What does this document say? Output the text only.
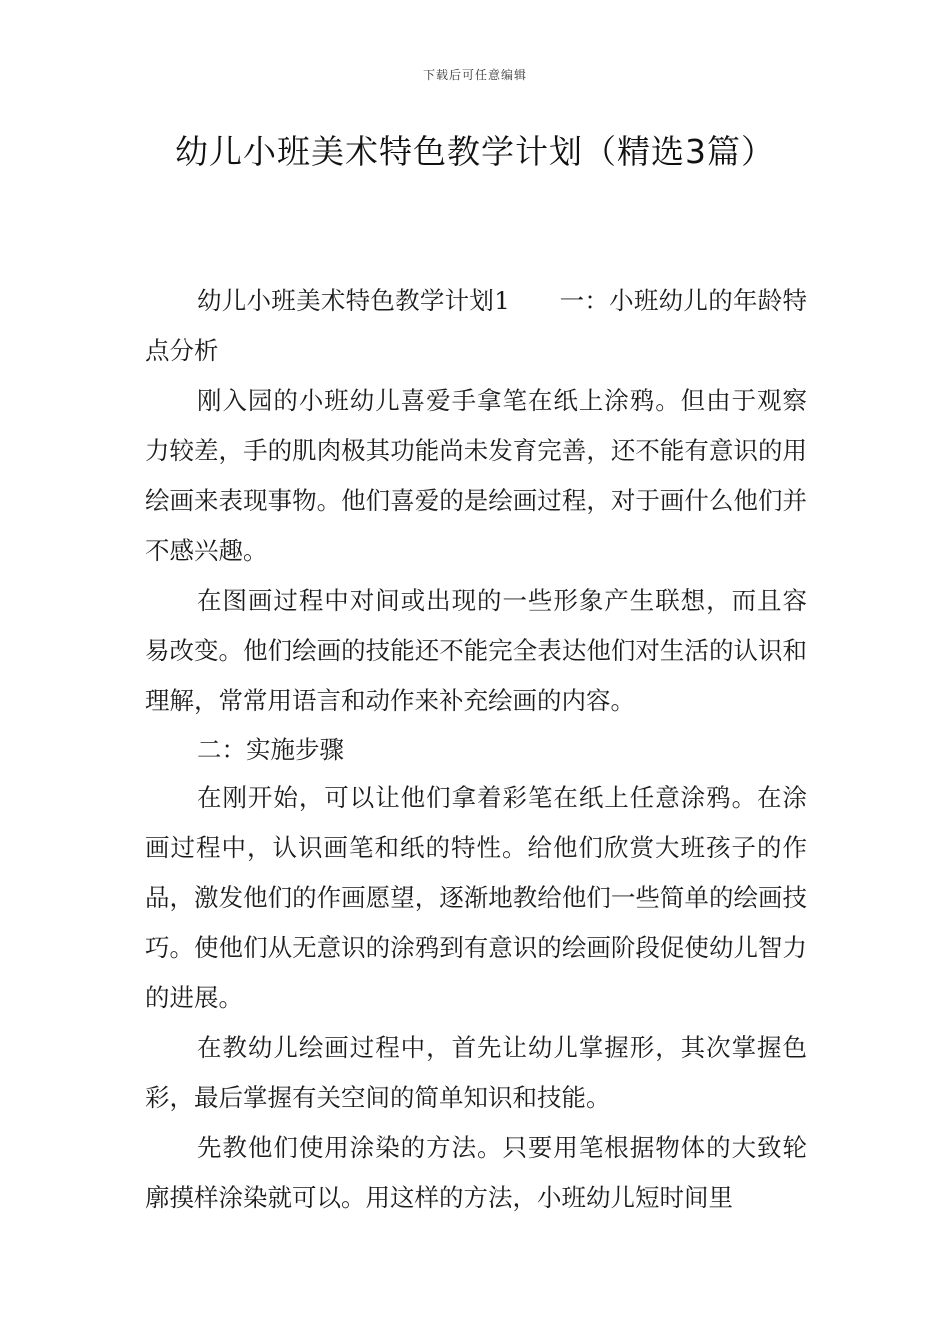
下载后可任意编辑
幼儿小班美术特色教学计划（精选3篇）

幼儿小班美术特色教学计划1　　一：小班幼儿的年龄特点分析

刚入园的小班幼儿喜爱手拿笔在纸上涂鸦。但由于观察力较差，手的肌肉极其功能尚未发育完善，还不能有意识的用绘画来表现事物。他们喜爱的是绘画过程，对于画什么他们并不感兴趣。

在图画过程中对间或出现的一些形象产生联想，而且容易改变。他们绘画的技能还不能完全表达他们对生活的认识和理解，常常用语言和动作来补充绘画的内容。

二：实施步骤

在刚开始，可以让他们拿着彩笔在纸上任意涂鸦。在涂画过程中，认识画笔和纸的特性。给他们欣赏大班孩子的作品，激发他们的作画愿望，逐渐地教给他们一些简单的绘画技巧。使他们从无意识的涂鸦到有意识的绘画阶段促使幼儿智力的进展。

在教幼儿绘画过程中，首先让幼儿掌握形，其次掌握色彩，最后掌握有关空间的简单知识和技能。

先教他们使用涂染的方法。只要用笔根据物体的大致轮廓摸样涂染就可以。用这样的方法，小班幼儿短时间里
